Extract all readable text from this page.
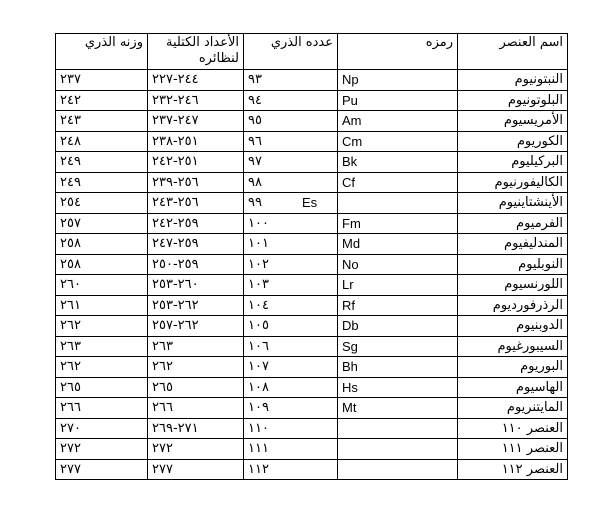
اسم العنصر	رمزه	عدده الذري	الأعداد الكتلية لنظائره	وزنه الذري
النبتونيوم	Np	٩٣	٢٤٤-٢٢٧	٢٣٧
البلوتونيوم	Pu	٩٤	٢٤٦-٢٣٢	٢٤٢
الأمريسيوم	Am	٩٥	٢٤٧-٢٣٧	٢٤٣
الكوريوم	Cm	٩٦	٢٥١-٢٣٨	٢٤٨
البركيليوم	Bk	٩٧	٢٥١-٢٤٢	٢٤٩
الكاليفورنيوم	Cf	٩٨	٢٥٦-٢٣٩	٢٤٩
الأينشتاينيوم	Es	٩٩	٢٥٦-٢٤٣	٢٥٤
الفرميوم	Fm	١٠٠	٢٥٩-٢٤٢	٢٥٧
المندليفيوم	Md	١٠١	٢٥٩-٢٤٧	٢٥٨
النوبليوم	No	١٠٢	٢٥٩-٢٥٠	٢٥٨
اللورنسيوم	Lr	١٠٣	٢٦٠-٢٥٣	٢٦٠
الرذرفورديوم	Rf	١٠٤	٢٦٢-٢٥٣	٢٦١
الدوبنيوم	Db	١٠٥	٢٦٢-٢٥٧	٢٦٢
السيبورغيوم	Sg	١٠٦	٢٦٣	٢٦٣
البوريوم	Bh	١٠٧	٢٦٢	٢٦٢
الهاسيوم	Hs	١٠٨	٢٦٥	٢٦٥
المايتنريوم	Mt	١٠٩	٢٦٦	٢٦٦
العنصر ١١٠		١١٠	٢٧١-٢٦٩	٢٧٠
العنصر ١١١		١١١	٢٧٢	٢٧٢
العنصر ١١٢		١١٢	٢٧٧	٢٧٧
